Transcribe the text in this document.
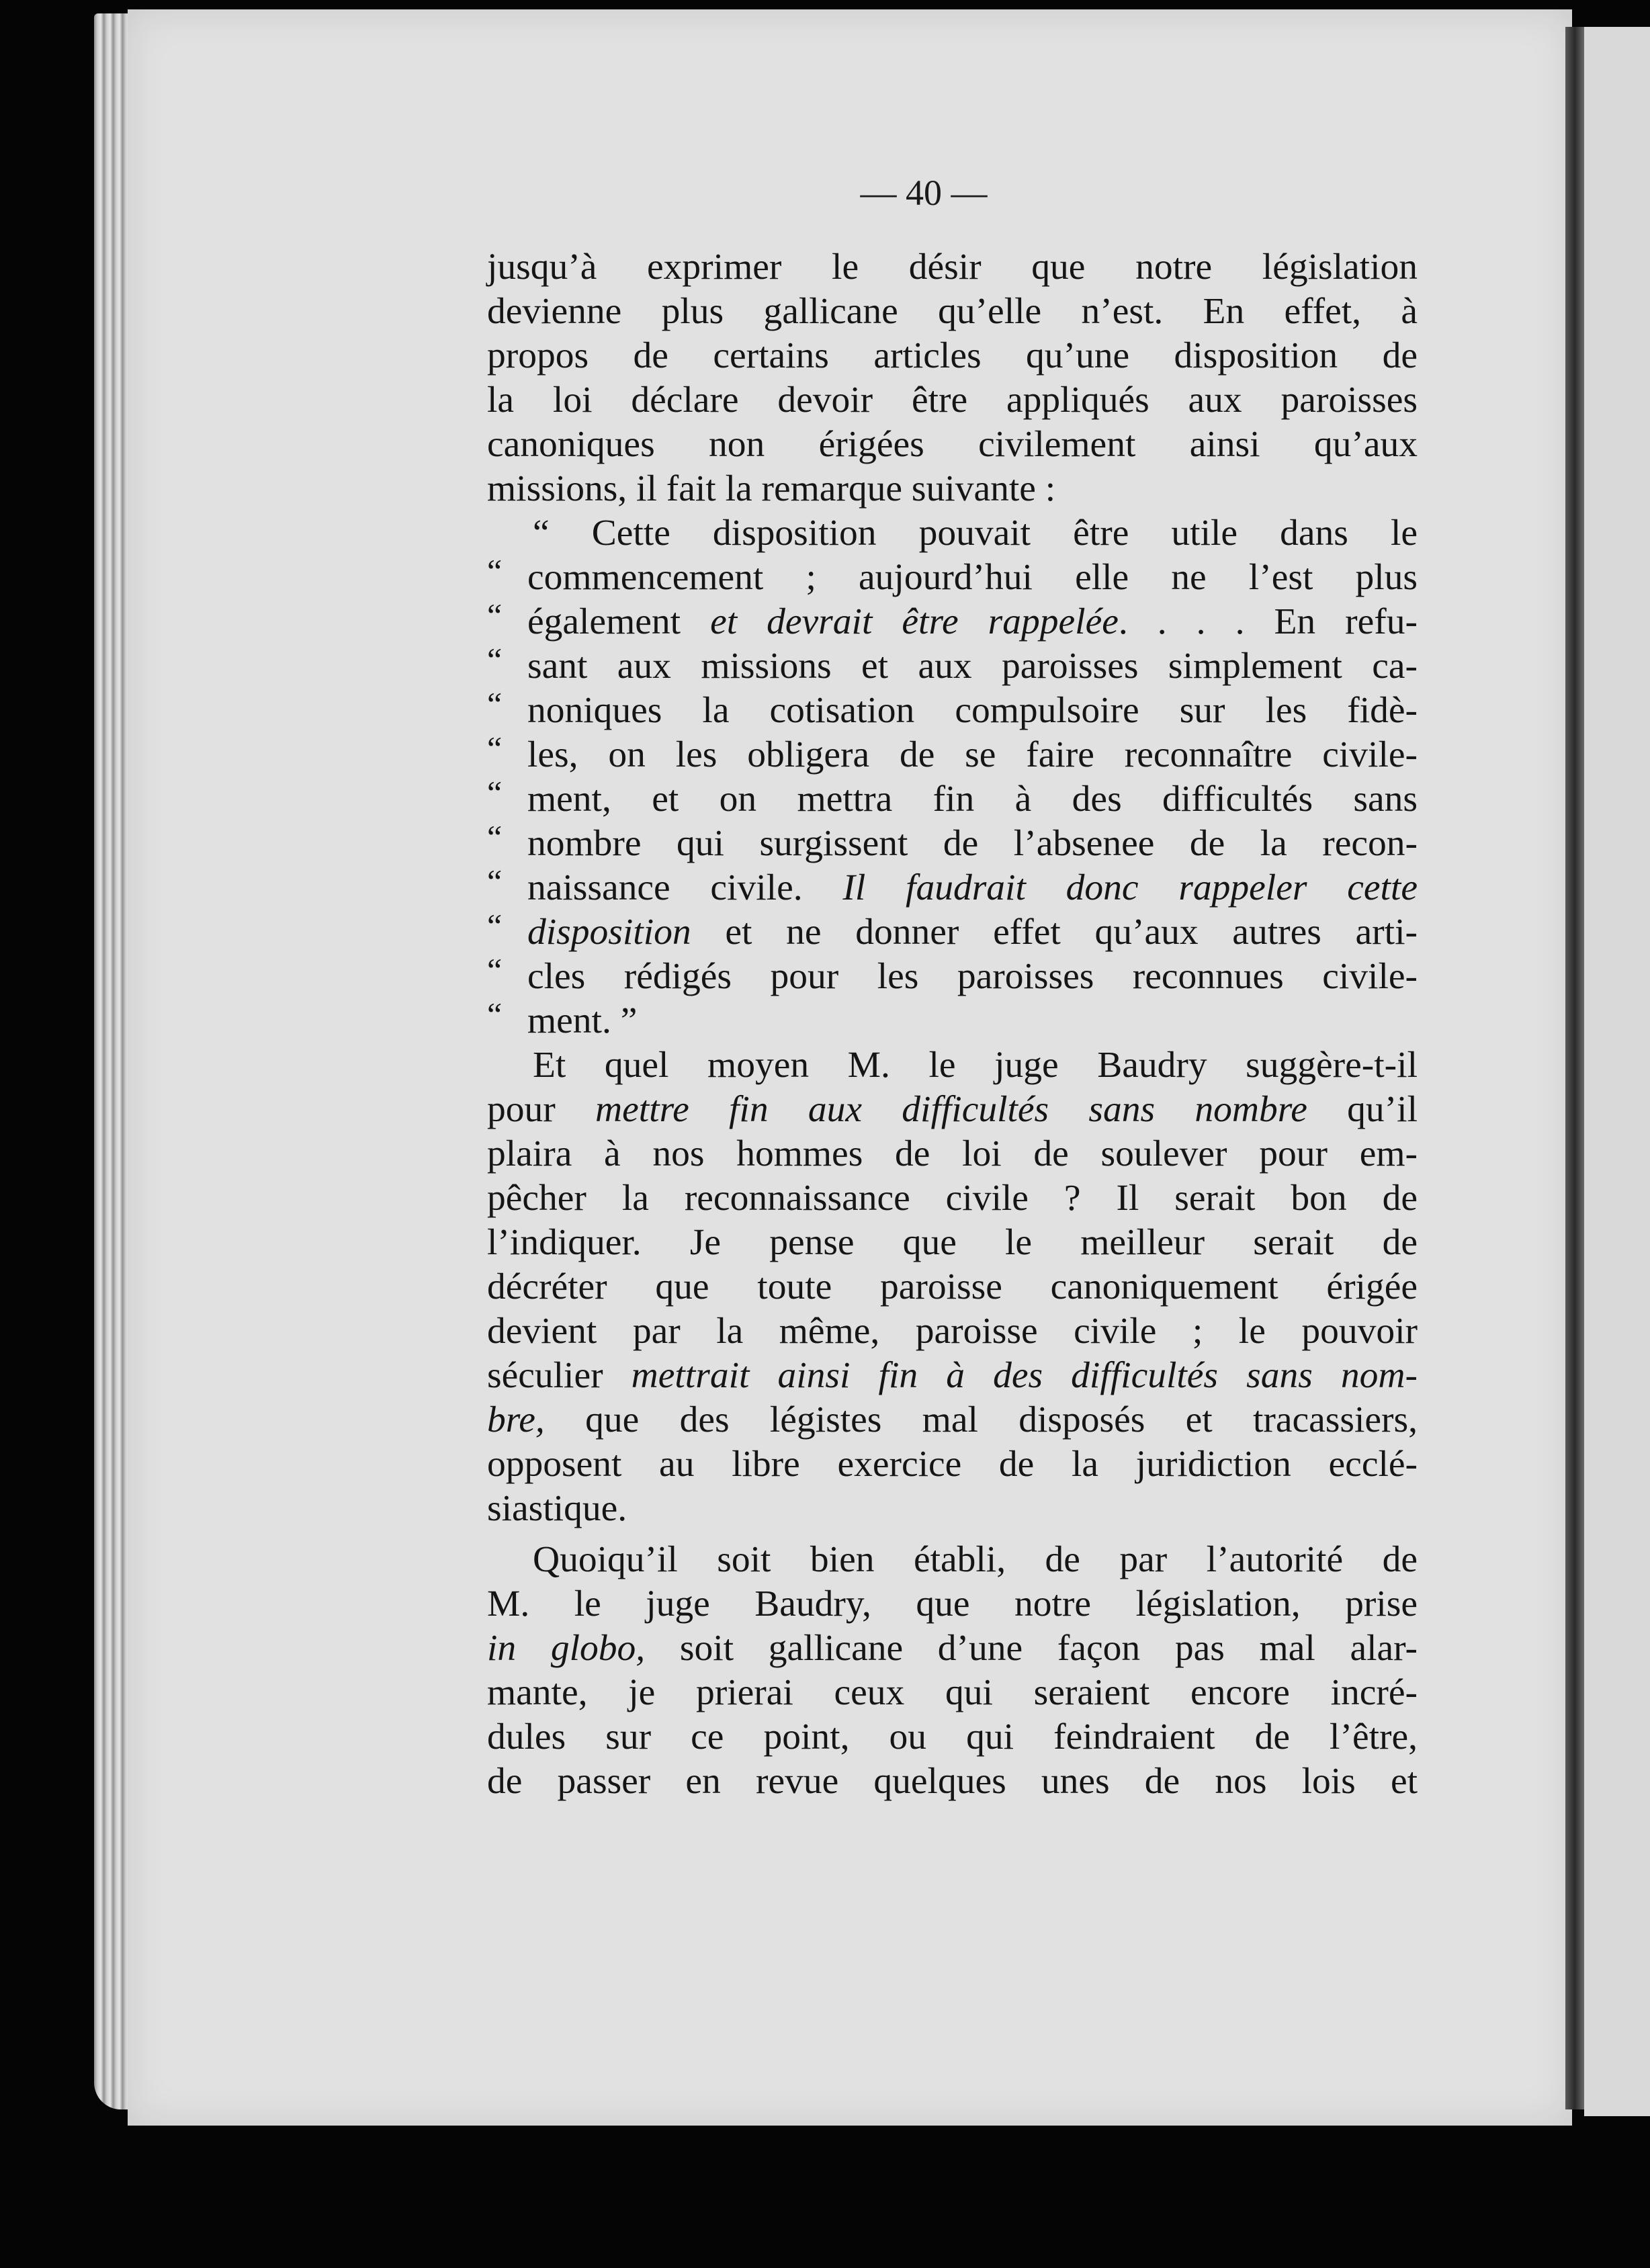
— 40 —
jusqu’à exprimer le désir que notre législation
devienne plus gallicane qu’elle n’est. En effet, à
propos de certains articles qu’une disposition de
la loi déclare devoir être appliqués aux paroisses
canoniques non érigées civilement ainsi qu’aux
missions, il fait la remarque suivante :
“ Cette disposition pouvait être utile dans le
“ commencement ; aujourd’hui elle ne l’est plus
“ également et devrait être rappelée. . . . En refu-
“ sant aux missions et aux paroisses simplement ca-
“ noniques la cotisation compulsoire sur les fidè-
“ les, on les obligera de se faire reconnaître civile-
“ ment, et on mettra fin à des difficultés sans
“ nombre qui surgissent de l’absenee de la recon-
“ naissance civile. Il faudrait donc rappeler cette
“ disposition et ne donner effet qu’aux autres arti-
“ cles rédigés pour les paroisses reconnues civile-
“ ment. ”
Et quel moyen M. le juge Baudry suggère-t-il
pour mettre fin aux difficultés sans nombre qu’il
plaira à nos hommes de loi de soulever pour em-
pêcher la reconnaissance civile ? Il serait bon de
l’indiquer. Je pense que le meilleur serait de
décréter que toute paroisse canoniquement érigée
devient par la même, paroisse civile ; le pouvoir
séculier mettrait ainsi fin à des difficultés sans nom-
bre, que des légistes mal disposés et tracassiers,
opposent au libre exercice de la juridiction ecclé-
siastique.
Quoiqu’il soit bien établi, de par l’autorité de
M. le juge Baudry, que notre législation, prise
in globo, soit gallicane d’une façon pas mal alar-
mante, je prierai ceux qui seraient encore incré-
dules sur ce point, ou qui feindraient de l’être,
de passer en revue quelques unes de nos lois et
